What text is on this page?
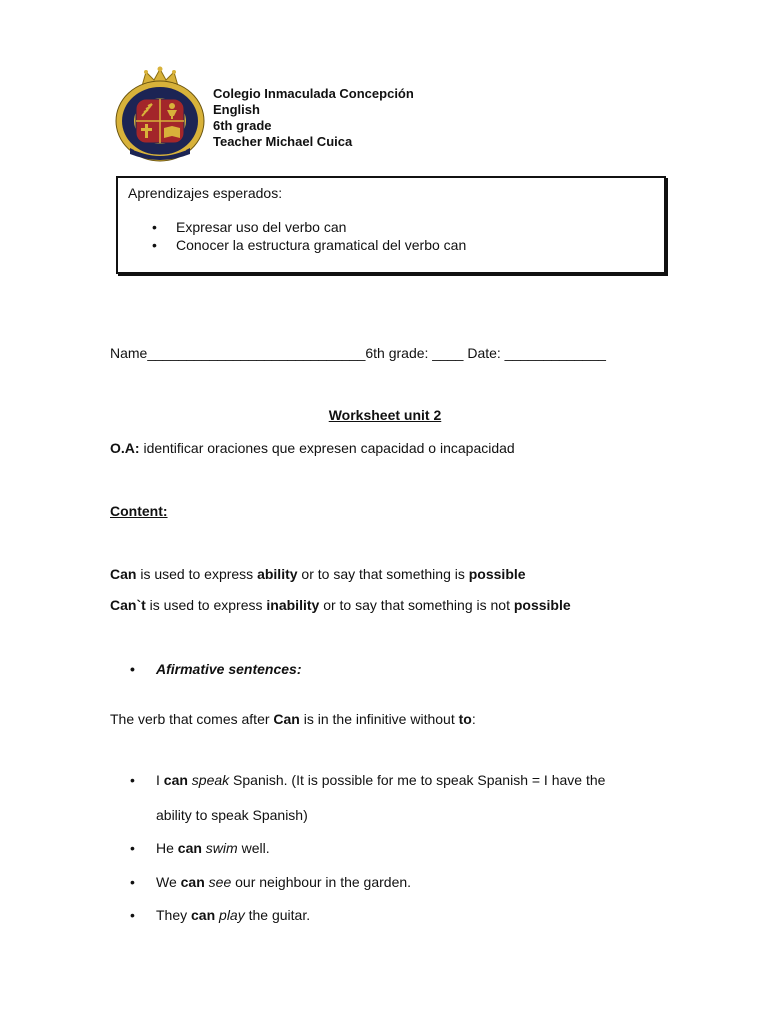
Colegio Inmaculada Concepción
English
6th grade
Teacher Michael Cuica
Aprendizajes esperados:
• Expresar uso del verbo can
• Conocer la estructura gramatical del verbo can
Name____________________________6th grade: ____ Date: _____________
Worksheet unit 2
O.A: identificar oraciones que expresen capacidad o incapacidad
Content:
Can is used to express ability or to say that something is possible
Can`t is used to express inability or to say that something is not possible
• Afirmative sentences:
The verb that comes after Can is in the infinitive without to:
• I can speak Spanish. (It is possible for me to speak Spanish = I have the
ability to speak Spanish)
• He can swim well.
• We can see our neighbour in the garden.
• They can play the guitar.
